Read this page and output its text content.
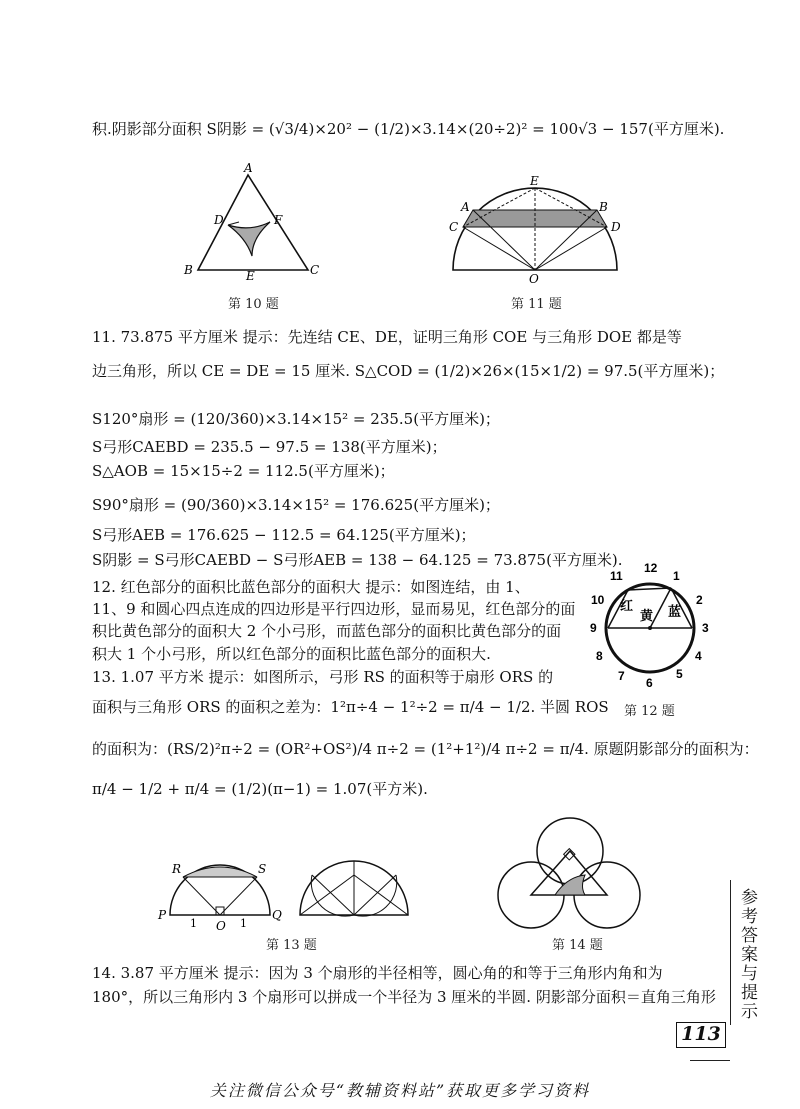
积.阴影部分面积 S阴影 = (√3/4)×20² − (1/2)×3.14×(20÷2)² = 100√3 − 157(平方厘米).
A
B	C
D
E
F
第 10 题
A	B
C	D
E
O
第 11 题
11. 73.875 平方厘米 提示：先连结 CE、DE，证明三角形 COE 与三角形 DOE 都是等
边三角形，所以 CE = DE = 15 厘米. S△COD = (1/2)×26×(15×1/2) = 97.5(平方厘米)；
S120°扇形 = (120/360)×3.14×15² = 235.5(平方厘米)；
S弓形CAEBD = 235.5 − 97.5 = 138(平方厘米)；
S△AOB = 15×15÷2 = 112.5(平方厘米)；
S90°扇形 = (90/360)×3.14×15² = 176.625(平方厘米)；
S弓形AEB = 176.625 − 112.5 = 64.125(平方厘米)；
S阴影 = S弓形CAEBD − S弓形AEB = 138 − 64.125 = 73.875(平方厘米).
12. 红色部分的面积比蓝色部分的面积大 提示：如图连结，由 1、
11、9 和圆心四点连成的四边形是平行四边形，显而易见，红色部分的面
积比黄色部分的面积大 2 个小弓形，而蓝色部分的面积比黄色部分的面
积大 1 个小弓形，所以红色部分的面积比蓝色部分的面积大.
13. 1.07 平方米 提示：如图所示，弓形 RS 的面积等于扇形 ORS 的
面积与三角形 ORS 的面积之差为：1²π÷4 − 1²÷2 = π/4 − 1/2. 半圆 ROS
的面积为：(RS/2)²π÷2 = (OR²+OS²)/4 π÷2 = (1²+1²)/4 π÷2 = π/4. 原题阴影部分的面积为：
π/4 − 1/2 + π/4 = (1/2)(π−1) = 1.07(平方米).
12
1
2
3
4
5
6
7
8
9
10
11
红
黄 蓝
第 12 题
R	S
P	Q
O
1	1
第 13 题	第 14 题
14. 3.87 平方厘米 提示：因为 3 个扇形的半径相等，圆心角的和等于三角形内角和为
180°，所以三角形内 3 个扇形可以拼成一个半径为 3 厘米的半圆. 阴影部分面积＝直角三角形 参考答案与提示
113
关注微信公众号“教辅资料站”获取更多学习资料
